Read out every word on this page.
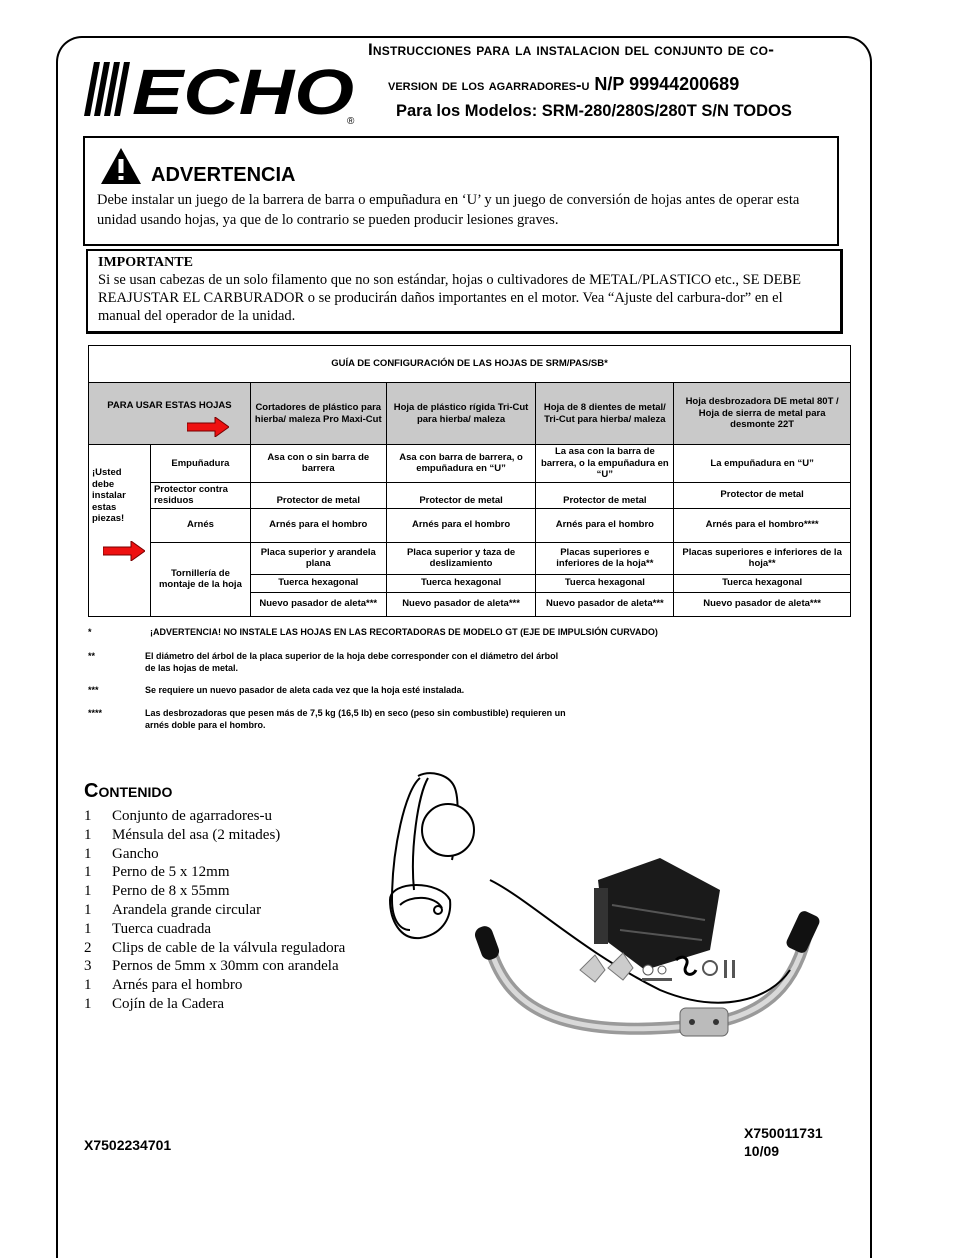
ECHO
®
Instrucciones para la instalacion del conjunto de co-
version de los agarradores-u N/P 99944200689
Para los Modelos: SRM-280/280S/280T S/N TODOS
ADVERTENCIA
Debe instalar un juego de la barrera de barra o empuñadura en ‘U’ y un juego de conversión de hojas antes de operar esta unidad usando hojas, ya que de lo contrario se pueden producir lesiones graves.
IMPORTANTE
Si se usan cabezas de un solo filamento que no son estándar, hojas o cultivadores de METAL/PLASTICO etc., SE DEBE REAJUSTAR EL CARBURADOR o se producirán daños importantes en el motor. Vea “Ajuste del carbura-dor” en el manual del operador de la unidad.
GUÍA DE CONFIGURACIÓN DE LAS HOJAS DE SRM/PAS/SB*					
PARA USAR ESTAS HOJAS		Cortadores de plástico para hierba/ maleza Pro Maxi-Cut	Hoja de plástico rígida Tri-Cut para hierba/ maleza	Hoja de 8 dientes de metal/ Tri-Cut para hierba/ maleza	Hoja desbrozadora DE metal 80T / Hoja de sierra de metal para desmonte 22T

¡Usted debe instalar estas piezas!	Empuñadura	Asa con o sin barra de barrera	Asa con barra de barrera, o empuñadura en “U”	La asa con la barra de barrera, o la empuñadura en “U”	La empuñadura en “U”
	Protector contra residuos	Protector de metal	Protector de metal	Protector de metal	Protector de metal
	Arnés	Arnés para el hombro	Arnés para el hombro	Arnés para el hombro	Arnés para el hombro****
	Tornillería de montaje de la hoja	Placa superior y arandela plana	Placa superior y taza de deslizamiento	Placas superiores e inferiores de la hoja**	Placas superiores e inferiores de la hoja**
		Tuerca hexagonal	Tuerca hexagonal	Tuerca hexagonal	Tuerca hexagonal
		Nuevo pasador de aleta***	Nuevo pasador de aleta***	Nuevo pasador de aleta***	Nuevo pasador de aleta***
*	¡ADVERTENCIA! NO INSTALE LAS HOJAS EN LAS RECORTADORAS DE MODELO GT (EJE DE IMPULSIÓN CURVADO)
**	El diámetro del árbol de la placa superior de la hoja debe corresponder con el diámetro del árbol
de las hojas de metal.
***	Se requiere un nuevo pasador de aleta cada vez que la hoja esté instalada.
****	Las desbrozadoras que pesen más de 7,5 kg (16,5 lb) en seco (peso sin combustible) requieren un
arnés doble para el hombro.
Contenido
1 Conjunto de agarradores-u
1 Ménsula del asa (2 mitades)
1 Gancho
1 Perno de 5 x 12mm
1 Perno de 8 x 55mm
1 Arandela grande circular
1 Tuerca cuadrada
2 Clips de cable de la válvula reguladora
3 Pernos de 5mm x 30mm con arandela
1 Arnés para el hombro
1 Cojín de la Cadera
X7502234701
X750011731
10/09
